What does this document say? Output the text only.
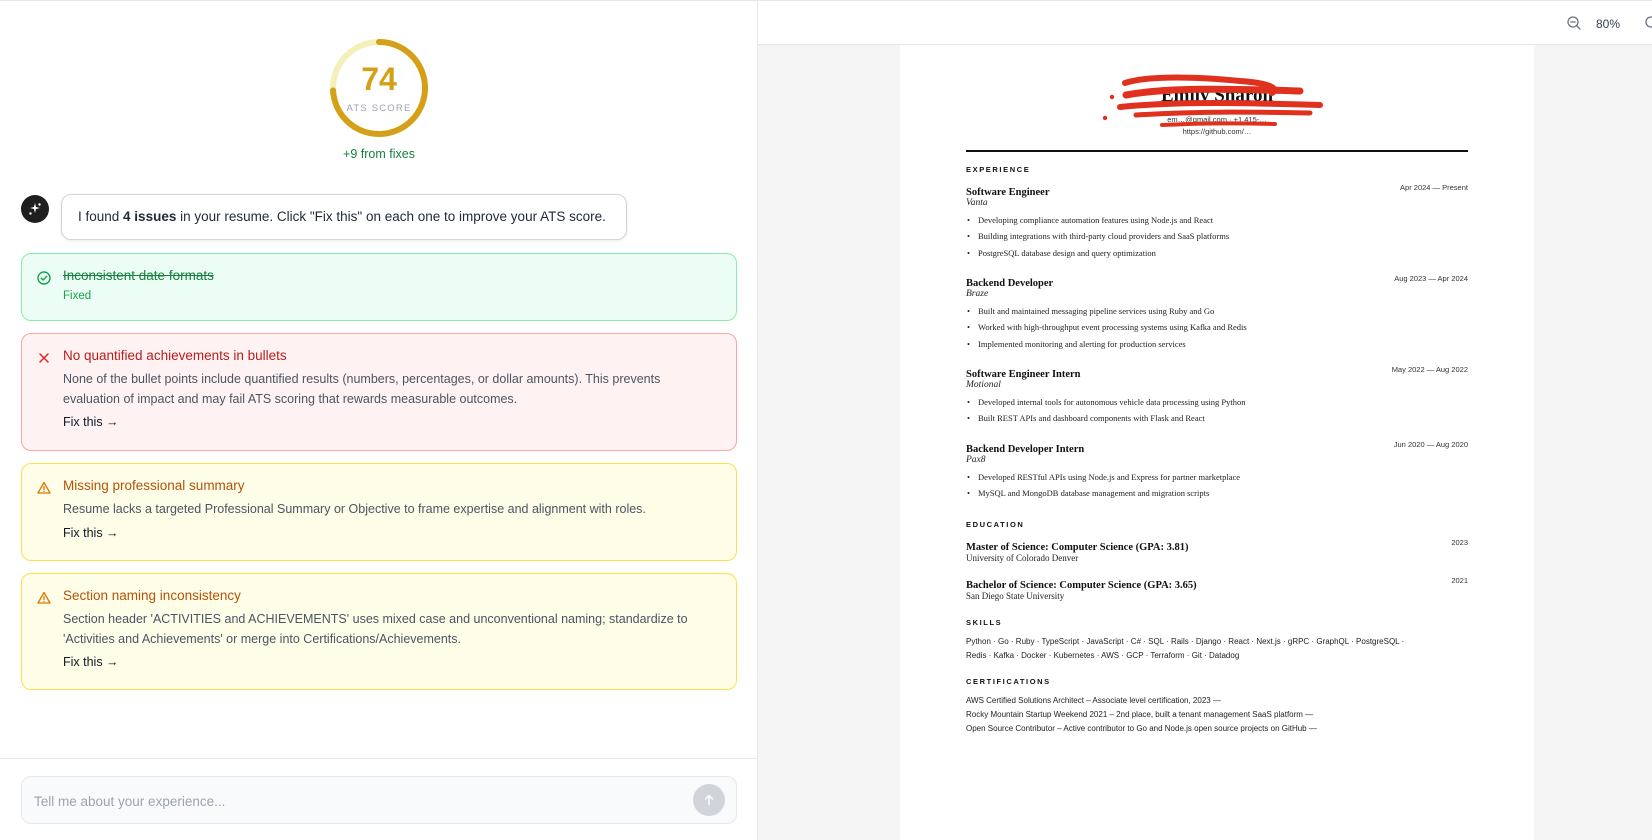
74
ATS SCORE
+9 from fixes
I found 4 issues in your resume. Click "Fix this" on each one to improve your ATS score.
Inconsistent date formats
Fixed
No quantified achievements in bullets
None of the bullet points include quantified results (numbers, percentages, or dollar amounts). This prevents evaluation of impact and may fail ATS scoring that rewards measurable outcomes.
Fix this →
Missing professional summary
Resume lacks a targeted Professional Summary or Objective to frame expertise and alignment with roles.
Fix this →
Section naming inconsistency
Section header 'ACTIVITIES and ACHIEVEMENTS' uses mixed case and unconventional naming; standardize to 'Activities and Achievements' or merge into Certifications/Achievements.
Fix this →
Tell me about your experience...
80%
Emily Sharon
em…@gmail.com · +1 415-…
https://github.com/…
EXPERIENCE
Software Engineer	Apr 2024 — Present
Vanta
• Developing compliance automation features using Node.js and React
• Building integrations with third-party cloud providers and SaaS platforms
• PostgreSQL database design and query optimization
Backend Developer	Aug 2023 — Apr 2024
Braze
• Built and maintained messaging pipeline services using Ruby and Go
• Worked with high-throughput event processing systems using Kafka and Redis
• Implemented monitoring and alerting for production services
Software Engineer Intern	May 2022 — Aug 2022
Motional
• Developed internal tools for autonomous vehicle data processing using Python
• Built REST APIs and dashboard components with Flask and React
Backend Developer Intern	Jun 2020 — Aug 2020
Pax8
• Developed RESTful APIs using Node.js and Express for partner marketplace
• MySQL and MongoDB database management and migration scripts
EDUCATION
Master of Science: Computer Science (GPA: 3.81)	2023
University of Colorado Denver
Bachelor of Science: Computer Science (GPA: 3.65)	2021
San Diego State University
SKILLS
Python · Go · Ruby · TypeScript · JavaScript · C# · SQL · Rails · Django · React · Next.js · gRPC · GraphQL · PostgreSQL ·
Redis · Kafka · Docker · Kubernetes · AWS · GCP · Terraform · Git · Datadog
CERTIFICATIONS
AWS Certified Solutions Architect – Associate level certification, 2023 —
Rocky Mountain Startup Weekend 2021 – 2nd place, built a tenant management SaaS platform —
Open Source Contributor – Active contributor to Go and Node.js open source projects on GitHub —
